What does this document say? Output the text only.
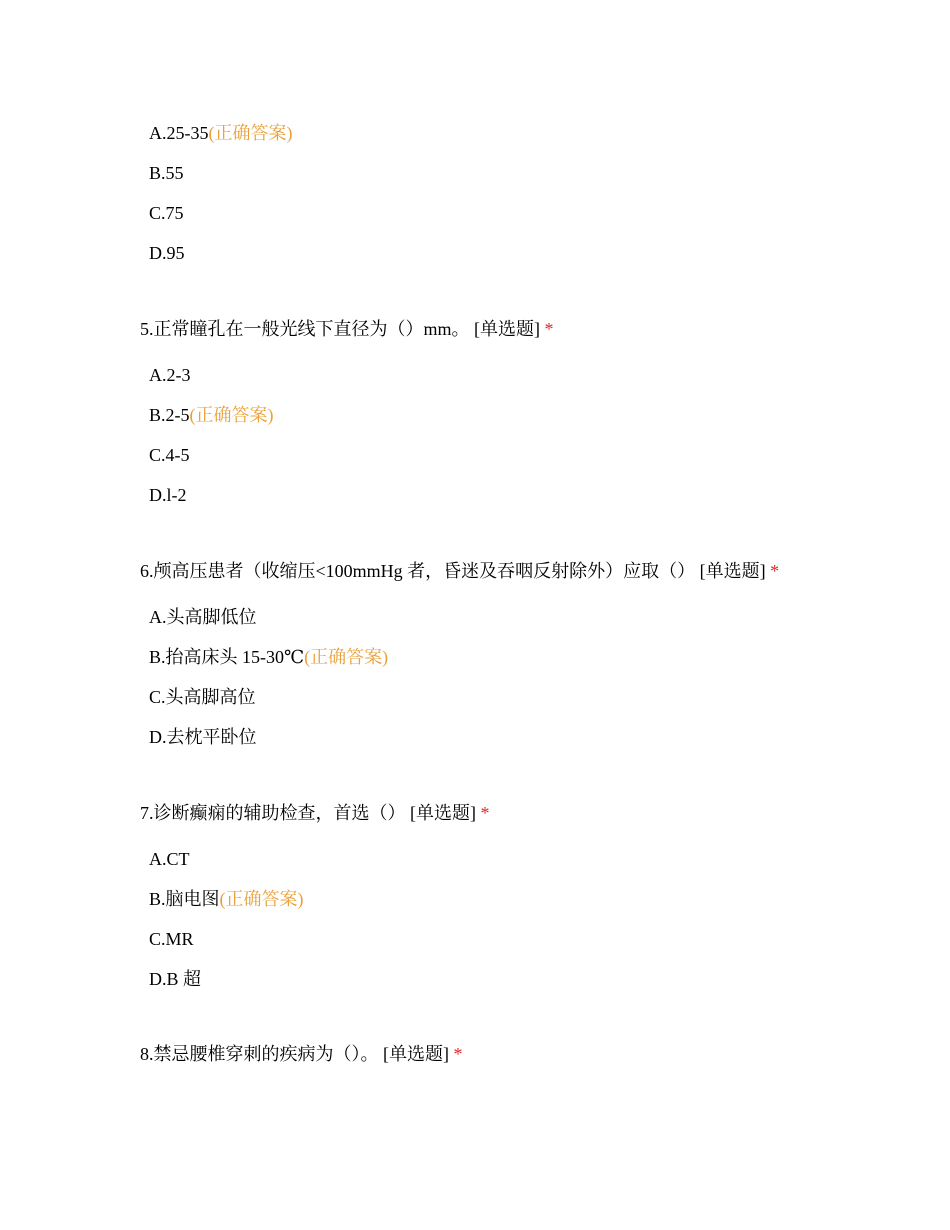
A.25-35(正确答案)
B.55
C.75
D.95
5.正常瞳孔在一般光线下直径为（）mm。 [单选题] *
A.2-3
B.2-5(正确答案)
C.4-5
D.l-2
6.颅高压患者（收缩压<100mmHg 者，昏迷及吞咽反射除外）应取（） [单选题] *
A.头高脚低位
B.抬高床头 15-30℃(正确答案)
C.头高脚高位
D.去枕平卧位
7.诊断癫痫的辅助检查，首选（） [单选题] *
A.CT
B.脑电图(正确答案)
C.MR
D.B 超
8.禁忌腰椎穿刺的疾病为（）。 [单选题] *
